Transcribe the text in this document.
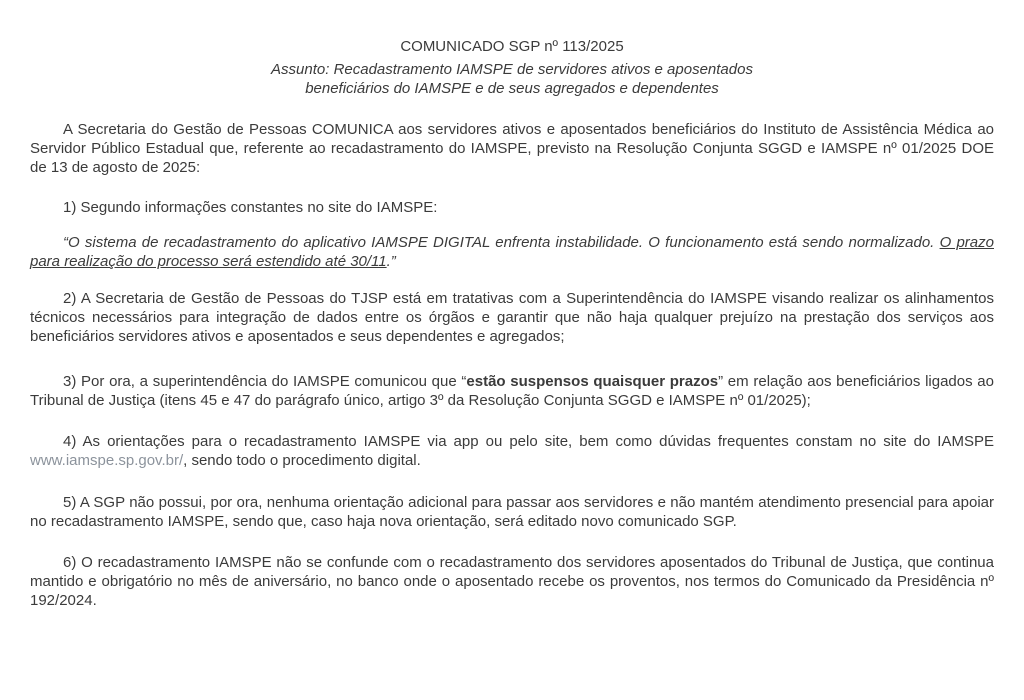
COMUNICADO SGP nº 113/2025

Assunto: Recadastramento IAMSPE de servidores ativos e aposentados

beneficiários do IAMSPE e de seus agregados e dependentes

A Secretaria do Gestão de Pessoas COMUNICA aos servidores ativos e aposentados beneficiários do Instituto de Assistência Médica ao Servidor Público Estadual que, referente ao recadastramento do IAMSPE, previsto na Resolução Conjunta SGGD e IAMSPE nº 01/2025 DOE de 13 de agosto de 2025:

1) Segundo informações constantes no site do IAMSPE:

“O sistema de recadastramento do aplicativo IAMSPE DIGITAL enfrenta instabilidade. O funcionamento está sendo normalizado. O prazo para realização do processo será estendido até 30/11.”

2) A Secretaria de Gestão de Pessoas do TJSP está em tratativas com a Superintendência do IAMSPE visando realizar os alinhamentos técnicos necessários para integração de dados entre os órgãos e garantir que não haja qualquer prejuízo na prestação dos serviços aos beneficiários servidores ativos e aposentados e seus dependentes e agregados;

3) Por ora, a superintendência do IAMSPE comunicou que “estão suspensos quaisquer prazos” em relação aos beneficiários ligados ao Tribunal de Justiça (itens 45 e 47 do parágrafo único, artigo 3º da Resolução Conjunta SGGD e IAMSPE nº 01/2025);

4) As orientações para o recadastramento IAMSPE via app ou pelo site, bem como dúvidas frequentes constam no site do IAMSPE www.iamspe.sp.gov.br/, sendo todo o procedimento digital.

5) A SGP não possui, por ora, nenhuma orientação adicional para passar aos servidores e não mantém atendimento presencial para apoiar no recadastramento IAMSPE, sendo que, caso haja nova orientação, será editado novo comunicado SGP.

6) O recadastramento IAMSPE não se confunde com o recadastramento dos servidores aposentados do Tribunal de Justiça, que continua mantido e obrigatório no mês de aniversário, no banco onde o aposentado recebe os proventos, nos termos do Comunicado da Presidência nº 192/2024.
